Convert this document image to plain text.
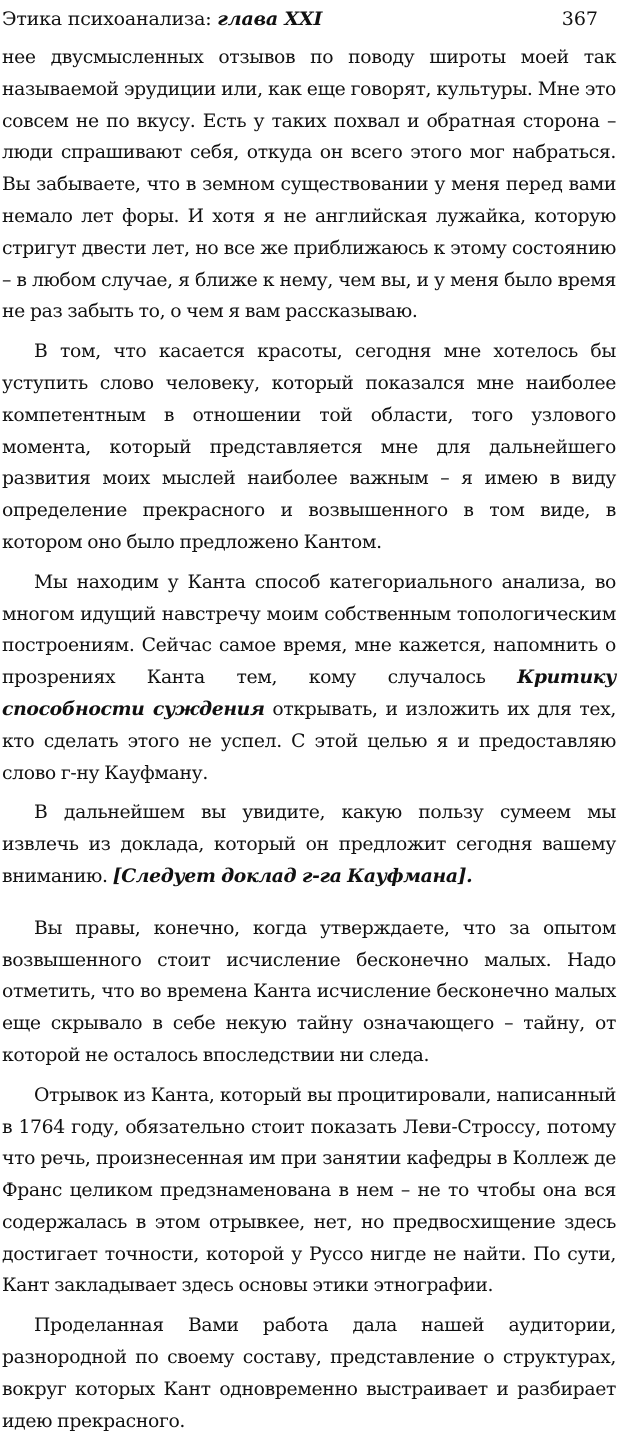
Этика психоанализа: глава XXI	367

нее двусмысленных отзывов по поводу широты моей так называемой эрудиции или, как еще говорят, культуры. Мне это совсем не по вкусу. Есть у таких похвал и обратная сторона – люди спрашивают себя, откуда он всего этого мог набраться. Вы забываете, что в земном существовании у меня перед вами немало лет форы. И хотя я не английская лужайка, которую стригут двести лет, но все же приближаюсь к этому состоянию – в любом случае, я ближе к нему, чем вы, и у меня было время не раз забыть то, о чем я вам рассказываю.

В том, что касается красоты, сегодня мне хотелось бы уступить слово человеку, который показался мне наиболее компетентным в отношении той области, того узлового момента, который представляется мне для дальнейшего развития моих мыслей наиболее важным – я имею в виду определение прекрасного и возвышенного в том виде, в котором оно было предложено Кантом.

Мы находим у Канта способ категориального анализа, во многом идущий навстречу моим собственным топологическим построениям. Сейчас самое время, мне кажется, напомнить о прозрениях Канта тем, кому случалось Критику способности суждения открывать, и изложить их для тех, кто сделать этого не успел. С этой целью я и предоставляю слово г-ну Кауфману.

В дальнейшем вы увидите, какую пользу сумеем мы извлечь из доклада, который он предложит сегодня вашему вниманию. [Следует доклад г-га Кауфмана].

Вы правы, конечно, когда утверждаете, что за опытом возвышенного стоит исчисление бесконечно малых. Надо отметить, что во времена Канта исчисление бесконечно малых еще скрывало в себе некую тайну означающего – тайну, от которой не осталось впоследствии ни следа.

Отрывок из Канта, который вы процитировали, написанный в 1764 году, обязательно стоит показать Леви-Строссу, потому что речь, произнесенная им при занятии кафедры в Коллеж де Франс целиком предзнаменована в нем – не то чтобы она вся содержалась в этом отрывкее, нет, но предвосхищение здесь достигает точности, которой у Руссо нигде не найти. По сути, Кант закладывает здесь основы этики этнографии.

Проделанная Вами работа дала нашей аудитории, разнородной по своему составу, представление о структурах, вокруг которых Кант одновременно выстраивает и разбирает идею прекрасного.
